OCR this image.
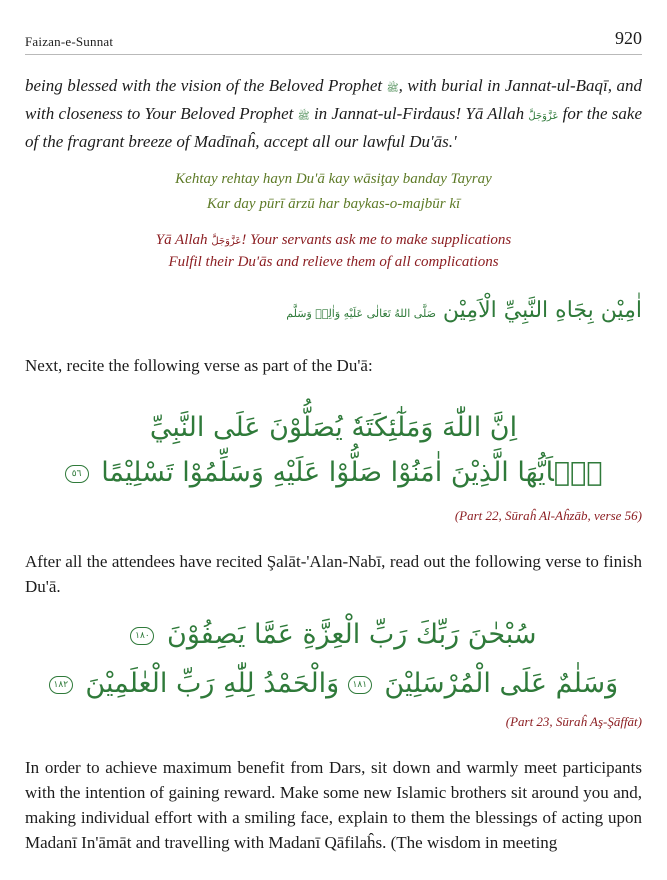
Faizan-e-Sunnat	920

being blessed with the vision of the Beloved Prophet ﷺ, with burial in Jannat-ul-Baqī, and with closeness to Your Beloved Prophet ﷺ in Jannat-ul-Firdaus! Yā Allah عَزَّوَجَلَّ for the sake of the fragrant breeze of Madīnaĥ, accept all our lawful Du'ās.'

Kehtay rehtay hayn Du'ā kay wāsiţay banday Tayray
Kar day pūrī ārzū har baykas-o-majbūr kī
Yā Allah عَزَّوَجَلَّ! Your servants ask me to make supplications
Fulfil their Du'ās and relieve them of all complications
اٰمِيْن بِجَاهِ النَّبِيِّ الْاَمِيْن صَلَّى اللهُ تَعَالٰى عَلَيْهِ وَاٰلِهٖ وَسَلَّم

Next, recite the following verse as part of the Du'ā:

اِنَّ اللّٰهَ وَمَلٰٓئِكَتَهٗ يُصَلُّوْنَ عَلَى النَّبِيِّ
يٰۤاَيُّهَا الَّذِيْنَ اٰمَنُوْا صَلُّوْا عَلَيْهِ وَسَلِّمُوْا تَسْلِيْمًا ٥٦
(Part 22, Sūraĥ Al-Aĥzāb, verse 56)

After all the attendees have recited Şalāt-'Alan-Nabī, read out the following verse to finish Du'ā.

سُبْحٰنَ رَبِّكَ رَبِّ الْعِزَّةِ عَمَّا يَصِفُوْنَ ١٨٠
وَسَلٰمٌ عَلَى الْمُرْسَلِيْنَ ١٨١ وَالْحَمْدُ لِلّٰهِ رَبِّ الْعٰلَمِيْنَ ١٨٢
(Part 23, Sūraĥ Aş-Şāffāt)

In order to achieve maximum benefit from Dars, sit down and warmly meet participants with the intention of gaining reward. Make some new Islamic brothers sit around you and, making individual effort with a smiling face, explain to them the blessings of acting upon Madanī In'āmāt and travelling with Madanī Qāfilaĥs. (The wisdom in meeting
